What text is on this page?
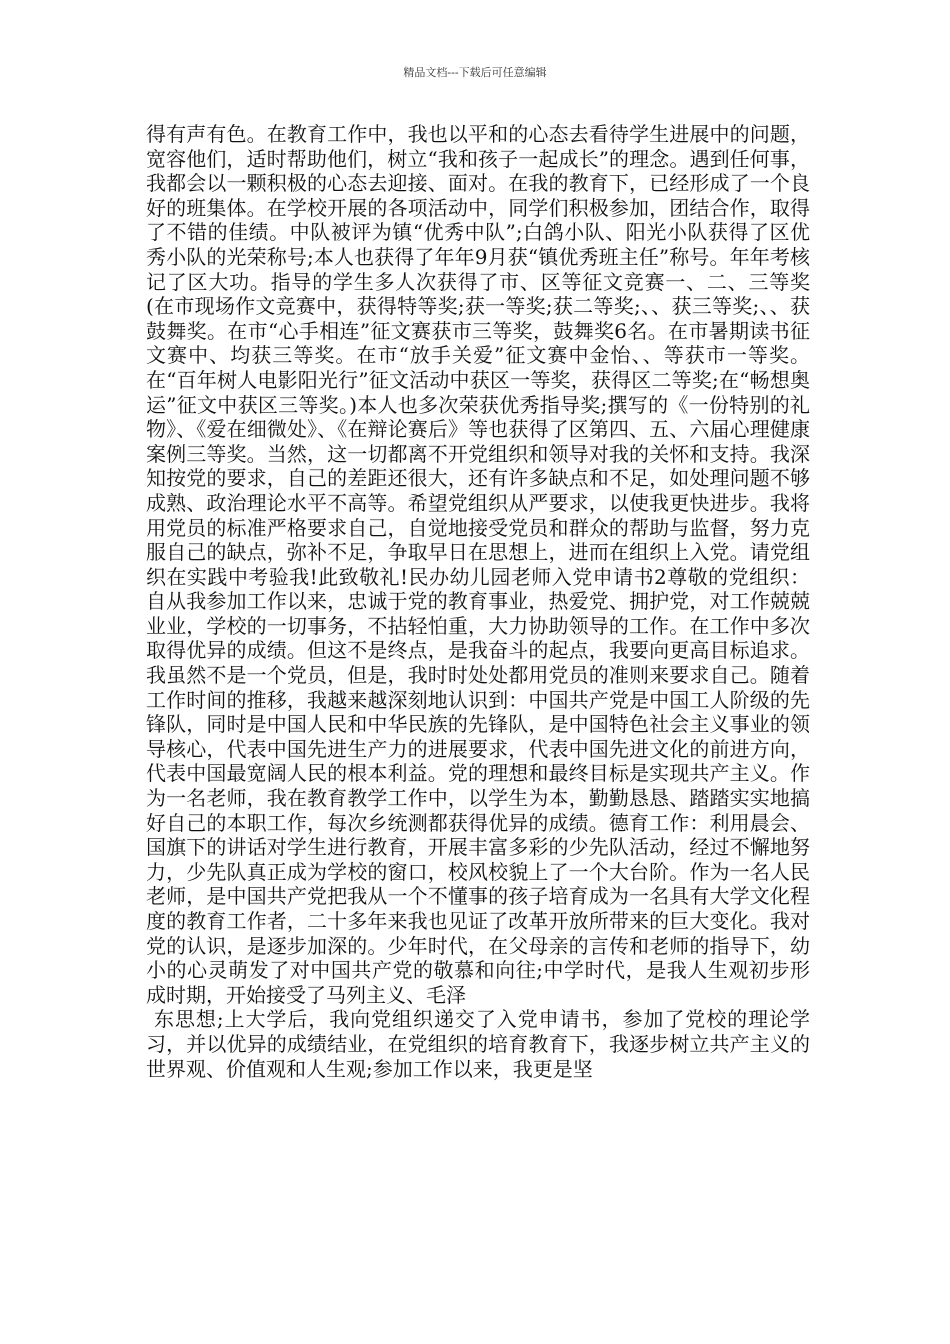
精品文档---下载后可任意编辑

得有声有色。在教育工作中，我也以平和的心态去看待学生进展中的问题，宽容他们，适时帮助他们，树立“我和孩子一起成长”的理念。遇到任何事，我都会以一颗积极的心态去迎接、面对。在我的教育下，已经形成了一个良好的班集体。在学校开展的各项活动中，同学们积极参加，团结合作，取得了不错的佳绩。中队被评为镇“优秀中队”;白鸽小队、阳光小队获得了区优秀小队的光荣称号;本人也获得了年年9月获“镇优秀班主任”称号。年年考核记了区大功。指导的学生多人次获得了市、区等征文竞赛一、二、三等奖(在市现场作文竞赛中，获得特等奖;获一等奖;获二等奖;、、获三等奖;、、获鼓舞奖。在市“心手相连”征文赛获市三等奖，鼓舞奖6名。在市暑期读书征文赛中、均获三等奖。在市“放手关爱”征文赛中金怡、、等获市一等奖。在“百年树人电影阳光行”征文活动中获区一等奖，获得区二等奖;在“畅想奥运”征文中获区三等奖。)本人也多次荣获优秀指导奖;撰写的《一份特别的礼物》、《爱在细微处》、《在辩论赛后》等也获得了区第四、五、六届心理健康案例三等奖。当然，这一切都离不开党组织和领导对我的关怀和支持。我深知按党的要求，自己的差距还很大，还有许多缺点和不足，如处理问题不够成熟、政治理论水平不高等。希望党组织从严要求，以使我更快进步。我将用党员的标准严格要求自己，自觉地接受党员和群众的帮助与监督，努力克服自己的缺点，弥补不足，争取早日在思想上，进而在组织上入党。请党组织在实践中考验我!此致敬礼!民办幼儿园老师入党申请书2尊敬的党组织：自从我参加工作以来，忠诚于党的教育事业，热爱党、拥护党，对工作兢兢业业，学校的一切事务，不拈轻怕重，大力协助领导的工作。在工作中多次取得优异的成绩。但这不是终点，是我奋斗的起点，我要向更高目标追求。我虽然不是一个党员，但是，我时时处处都用党员的准则来要求自己。随着工作时间的推移，我越来越深刻地认识到：中国共产党是中国工人阶级的先锋队，同时是中国人民和中华民族的先锋队，是中国特色社会主义事业的领导核心，代表中国先进生产力的进展要求，代表中国先进文化的前进方向，代表中国最宽阔人民的根本利益。党的理想和最终目标是实现共产主义。作为一名老师，我在教育教学工作中，以学生为本，勤勤恳恳、踏踏实实地搞好自己的本职工作，每次乡统测都获得优异的成绩。德育工作：利用晨会、国旗下的讲话对学生进行教育，开展丰富多彩的少先队活动，经过不懈地努力，少先队真正成为学校的窗口，校风校貌上了一个大台阶。作为一名人民老师，是中国共产党把我从一个不懂事的孩子培育成为一名具有大学文化程度的教育工作者，二十多年来我也见证了改革开放所带来的巨大变化。我对党的认识，是逐步加深的。少年时代，在父母亲的言传和老师的指导下，幼小的心灵萌发了对中国共产党的敬慕和向往;中学时代，是我人生观初步形成时期，开始接受了马列主义、毛泽

东思想;上大学后，我向党组织递交了入党申请书，参加了党校的理论学习，并以优异的成绩结业，在党组织的培育教育下，我逐步树立共产主义的世界观、价值观和人生观;参加工作以来，我更是坚
